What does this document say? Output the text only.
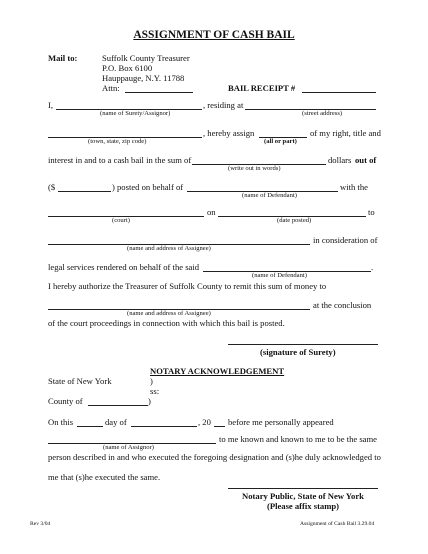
ASSIGNMENT OF CASH BAIL
Mail to:	Suffolk County Treasurer
P.O. Box 6100
Hauppauge, N.Y. 11788
Attn:	BAIL RECEIPT #
I,	, residing at
(name of Surety/Assignor)	(street address)
, hereby assign	of my right, title and
(town, state, zip code)	(all or part)
interest in and to a cash bail in the sum of	dollars out of
(write out in words)
($	) posted on behalf of	with the
(name of Defendant)
on	to
(court)	(date posted)
in consideration of
(name and address of Assignee)
legal services rendered on behalf of the said	.
(name of Defendant)
I hereby authorize the Treasurer of Suffolk County to remit this sum of money to
at the conclusion
(name and address of Assignee)
of the court proceedings in connection with which this bail is posted.
(signature of Surety)
NOTARY ACKNOWLEDGEMENT
State of New York	)
ss:
County of	)
On this	day of	, 20 before me personally appeared
to me known and known to me to be the same
(name of Assignor)
person described in and who executed the foregoing designation and (s)he duly acknowledged to
me that (s)he executed the same.
Notary Public, State of New York
(Please affix stamp)
Rev 3/04	Assignment of Cash Bail 3.29.04
